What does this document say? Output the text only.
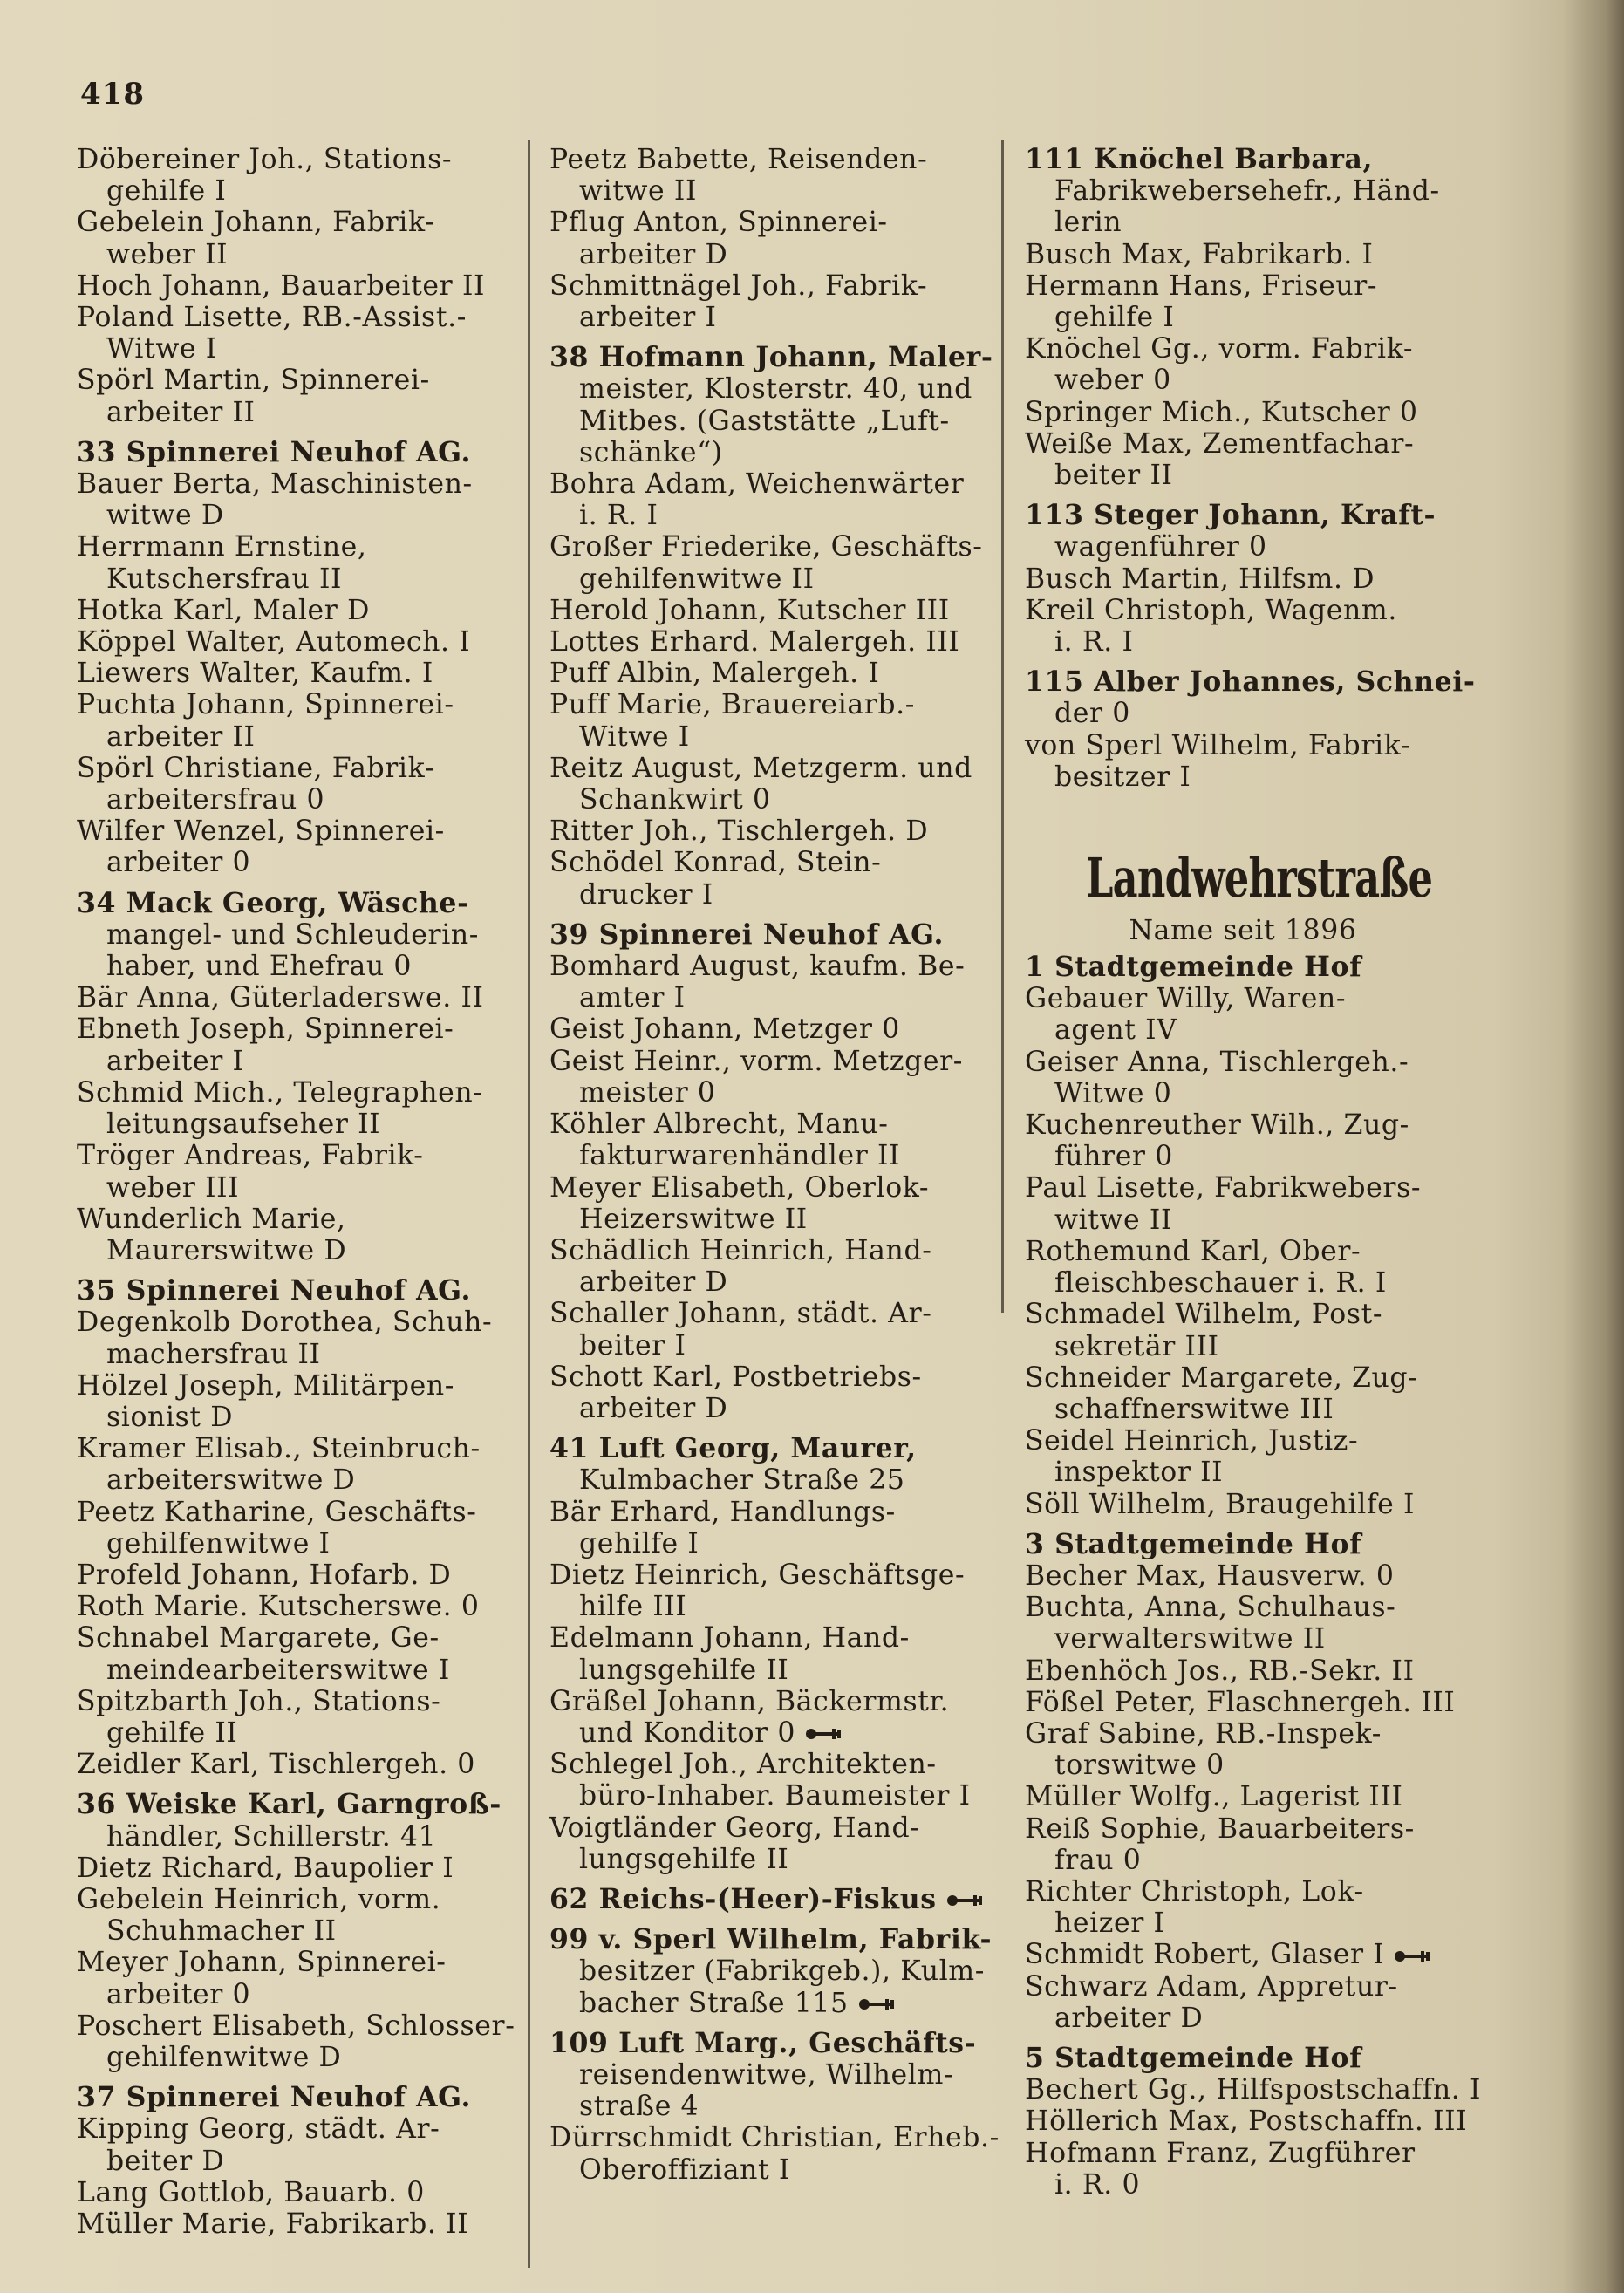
418
Döbereiner Joh., Stations-
gehilfe I
Gebelein Johann, Fabrik-
weber II
Hoch Johann, Bauarbeiter II
Poland Lisette, RB.-Assist.-
Witwe I
Spörl Martin, Spinnerei-
arbeiter II
33 Spinnerei Neuhof AG.
Bauer Berta, Maschinisten-
witwe D
Herrmann Ernstine,
Kutschersfrau II
Hotka Karl, Maler D
Köppel Walter, Automech. I
Liewers Walter, Kaufm. I
Puchta Johann, Spinnerei-
arbeiter II
Spörl Christiane, Fabrik-
arbeitersfrau 0
Wilfer Wenzel, Spinnerei-
arbeiter 0
34 Mack Georg, Wäsche-
mangel- und Schleuderin-
haber, und Ehefrau 0
Bär Anna, Güterladerswe. II
Ebneth Joseph, Spinnerei-
arbeiter I
Schmid Mich., Telegraphen-
leitungsaufseher II
Tröger Andreas, Fabrik-
weber III
Wunderlich Marie,
Maurerswitwe D
35 Spinnerei Neuhof AG.
Degenkolb Dorothea, Schuh-
machersfrau II
Hölzel Joseph, Militärpen-
sionist D
Kramer Elisab., Steinbruch-
arbeiterswitwe D
Peetz Katharine, Geschäfts-
gehilfenwitwe I
Profeld Johann, Hofarb. D
Roth Marie. Kutscherswe. 0
Schnabel Margarete, Ge-
meindearbeiterswitwe I
Spitzbarth Joh., Stations-
gehilfe II
Zeidler Karl, Tischlergeh. 0
36 Weiske Karl, Garngroß-
händler, Schillerstr. 41
Dietz Richard, Baupolier I
Gebelein Heinrich, vorm.
Schuhmacher II
Meyer Johann, Spinnerei-
arbeiter 0
Poschert Elisabeth, Schlosser-
gehilfenwitwe D
37 Spinnerei Neuhof AG.
Kipping Georg, städt. Ar-
beiter D
Lang Gottlob, Bauarb. 0
Müller Marie, Fabrikarb. II
Peetz Babette, Reisenden-
witwe II
Pflug Anton, Spinnerei-
arbeiter D
Schmittnägel Joh., Fabrik-
arbeiter I
38 Hofmann Johann, Maler-
meister, Klosterstr. 40, und
Mitbes. (Gaststätte „Luft-
schänke“)
Bohra Adam, Weichenwärter
i. R. I
Großer Friederike, Geschäfts-
gehilfenwitwe II
Herold Johann, Kutscher III
Lottes Erhard. Malergeh. III
Puff Albin, Malergeh. I
Puff Marie, Brauereiarb.-
Witwe I
Reitz August, Metzgerm. und
Schankwirt 0
Ritter Joh., Tischlergeh. D
Schödel Konrad, Stein-
drucker I
39 Spinnerei Neuhof AG.
Bomhard August, kaufm. Be-
amter I
Geist Johann, Metzger 0
Geist Heinr., vorm. Metzger-
meister 0
Köhler Albrecht, Manu-
fakturwarenhändler II
Meyer Elisabeth, Oberlok-
Heizerswitwe II
Schädlich Heinrich, Hand-
arbeiter D
Schaller Johann, städt. Ar-
beiter I
Schott Karl, Postbetriebs-
arbeiter D
41 Luft Georg, Maurer,
Kulmbacher Straße 25
Bär Erhard, Handlungs-
gehilfe I
Dietz Heinrich, Geschäftsge-
hilfe III
Edelmann Johann, Hand-
lungsgehilfe II
Gräßel Johann, Bäckermstr.
und Konditor 0
Schlegel Joh., Architekten-
büro-Inhaber. Baumeister I
Voigtländer Georg, Hand-
lungsgehilfe II
62 Reichs-(Heer)-Fiskus
99 v. Sperl Wilhelm, Fabrik-
besitzer (Fabrikgeb.), Kulm-
bacher Straße 115
109 Luft Marg., Geschäfts-
reisendenwitwe, Wilhelm-
straße 4
Dürrschmidt Christian, Erheb.-
Oberoffiziant I
111 Knöchel Barbara,
Fabrikwebersehefr., Händ-
lerin
Busch Max, Fabrikarb. I
Hermann Hans, Friseur-
gehilfe I
Knöchel Gg., vorm. Fabrik-
weber 0
Springer Mich., Kutscher 0
Weiße Max, Zementfachar-
beiter II
113 Steger Johann, Kraft-
wagenführer 0
Busch Martin, Hilfsm. D
Kreil Christoph, Wagenm.
i. R. I
115 Alber Johannes, Schnei-
der 0
von Sperl Wilhelm, Fabrik-
besitzer I
Landwehrstraße
Name seit 1896
1 Stadtgemeinde Hof
Gebauer Willy, Waren-
agent IV
Geiser Anna, Tischlergeh.-
Witwe 0
Kuchenreuther Wilh., Zug-
führer 0
Paul Lisette, Fabrikwebers-
witwe II
Rothemund Karl, Ober-
fleischbeschauer i. R. I
Schmadel Wilhelm, Post-
sekretär III
Schneider Margarete, Zug-
schaffnerswitwe III
Seidel Heinrich, Justiz-
inspektor II
Söll Wilhelm, Braugehilfe I
3 Stadtgemeinde Hof
Becher Max, Hausverw. 0
Buchta, Anna, Schulhaus-
verwalterswitwe II
Ebenhöch Jos., RB.-Sekr. II
Fößel Peter, Flaschnergeh. III
Graf Sabine, RB.-Inspek-
torswitwe 0
Müller Wolfg., Lagerist III
Reiß Sophie, Bauarbeiters-
frau 0
Richter Christoph, Lok-
heizer I
Schmidt Robert, Glaser I
Schwarz Adam, Appretur-
arbeiter D
5 Stadtgemeinde Hof
Bechert Gg., Hilfspostschaffn. I
Höllerich Max, Postschaffn. III
Hofmann Franz, Zugführer
i. R. 0
